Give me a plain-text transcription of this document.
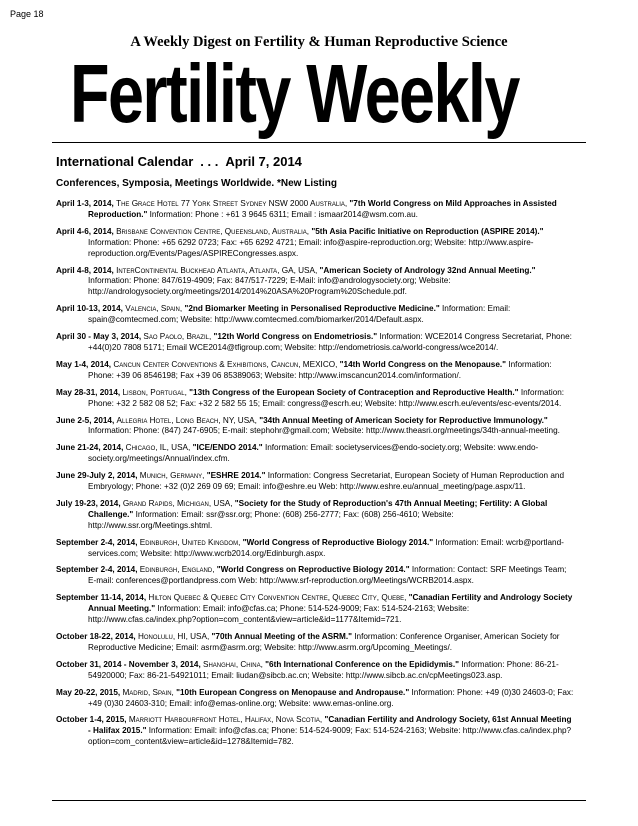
Page 18
A Weekly Digest on Fertility & Human Reproductive Science
Fertility Weekly
International Calendar . . . April 7, 2014
Conferences, Symposia, Meetings Worldwide. *New Listing
April 1-3, 2014, The Grace Hotel 77 York Street Sydney NSW 2000 Australia, "7th World Congress on Mild Approaches in Assisted Reproduction." Information: Phone : +61 3 9645 6311; Email : ismaar2014@wsm.com.au.
April 4-6, 2014, Brisbane Convention Centre, Queensland, Australia, "5th Asia Pacific Initiative on Reproduction (ASPIRE 2014)." Information: Phone: +65 6292 0723; Fax: +65 6292 4721; Email: info@aspire-reproduction.org; Website: http://www.aspire-reproduction.org/Events/Pages/ASPIRECongresses.aspx.
April 4-8, 2014, InterContinental Buckhead Atlanta, Atlanta, GA, USA, "American Society of Andrology 32nd Annual Meeting." Information: Phone: 847/619-4909; Fax: 847/517-7229; E-Mail: info@andrologysociety.org; Website: http://andrologysociety.org/meetings/2014/2014%20ASA%20Program%20Schedule.pdf.
April 10-13, 2014, Valencia, Spain, "2nd Biomarker Meeting in Personalised Reproductive Medicine." Information: Email: spain@comtecmed.com; Website: http://www.comtecmed.com/biomarker/2014/Default.aspx.
April 30 - May 3, 2014, Sao Paolo, Brazil, "12th World Congress on Endometriosis." Information: WCE2014 Congress Secretariat, Phone: +44(0)20 7808 5171; Email WCE2014@tfigroup.com; Website: http://endometriosis.ca/world-congress/wce2014/.
May 1-4, 2014, Cancun Center Conventions & Exhibitions, Cancun, MEXICO, "14th World Congress on the Menopause." Information: Phone: +39 06 8546198; Fax +39 06 85389063; Website: http://www.imscancun2014.com/information/.
May 28-31, 2014, Lisbon, Portugal, "13th Congress of the European Society of Contraception and Reproductive Health." Information: Phone: +32 2 582 08 52; Fax: +32 2 582 55 15; Email: congress@escrh.eu; Website: http://www.escrh.eu/events/esc-events/2014.
June 2-5, 2014, Allegria Hotel, Long Beach, NY, USA, "34th Annual Meeting of American Society for Reproductive Immunology." Information: Phone: (847) 247-6905; E-mail: stephohr@gmail.com; Website: http://www.theasri.org/meetings/34th-annual-meeting.
June 21-24, 2014, Chicago, IL, USA, "ICE/ENDO 2014." Information: Email: societyservices@endo-society.org; Website: www.endo-society.org/meetings/Annual/index.cfm.
June 29-July 2, 2014, Munich, Germany, "ESHRE 2014." Information: Congress Secretariat, European Society of Human Reproduction and Embryology; Phone: +32 (0)2 269 09 69; Email: info@eshre.eu Web: http://www.eshre.eu/annual_meeting/page.aspx/11.
July 19-23, 2014, Grand Rapids, Michigan, USA, "Society for the Study of Reproduction's 47th Annual Meeting; Fertility: A Global Challenge." Information: Email: ssr@ssr.org; Phone: (608) 256-2777; Fax: (608) 256-4610; Website: http://www.ssr.org/Meetings.shtml.
September 2-4, 2014, Edinburgh, United Kingdom, "World Congress of Reproductive Biology 2014." Information: Email: wcrb@portland-services.com; Website: http://www.wcrb2014.org/Edinburgh.aspx.
September 2-4, 2014, Edinburgh, England, "World Congress on Reproductive Biology 2014." Information: Contact: SRF Meetings Team; E-mail: conferences@portlandpress.com Web: http://www.srf-reproduction.org/Meetings/WCRB2014.aspx.
September 11-14, 2014, Hilton Quebec & Quebec City Convention Centre, Quebec City, Quebe, "Canadian Fertility and Andrology Society Annual Meeting." Information: Email: info@cfas.ca; Phone: 514-524-9009; Fax: 514-524-2163; Website: http://www.cfas.ca/index.php?option=com_content&view=article&id=1177&Itemid=721.
October 18-22, 2014, Honolulu, HI, USA, "70th Annual Meeting of the ASRM." Information: Conference Organiser, American Society for Reproductive Medicine; Email: asrm@asrm.org; Website: http://www.asrm.org/Upcoming_Meetings/.
October 31, 2014 - November 3, 2014, Shanghai, China, "6th International Conference on the Epididymis." Information: Phone: 86-21-54920000; Fax: 86-21-54921011; Email: liudan@sibcb.ac.cn; Website: http://www.sibcb.ac.cn/cpMeetings023.asp.
May 20-22, 2015, Madrid, Spain, "10th European Congress on Menopause and Andropause." Information: Phone: +49 (0)30 24603-0; Fax: +49 (0)30 24603-310; Email: info@emas-online.org; Website: www.emas-online.org.
October 1-4, 2015, Marriott Harbourfront Hotel, Halifax, Nova Scotia, "Canadian Fertility and Andrology Society, 61st Annual Meeting - Halifax 2015." Information: Email: info@cfas.ca; Phone: 514-524-9009; Fax: 514-524-2163; Website: http://www.cfas.ca/index.php?option=com_content&view=article&id=1278&Itemid=782.
